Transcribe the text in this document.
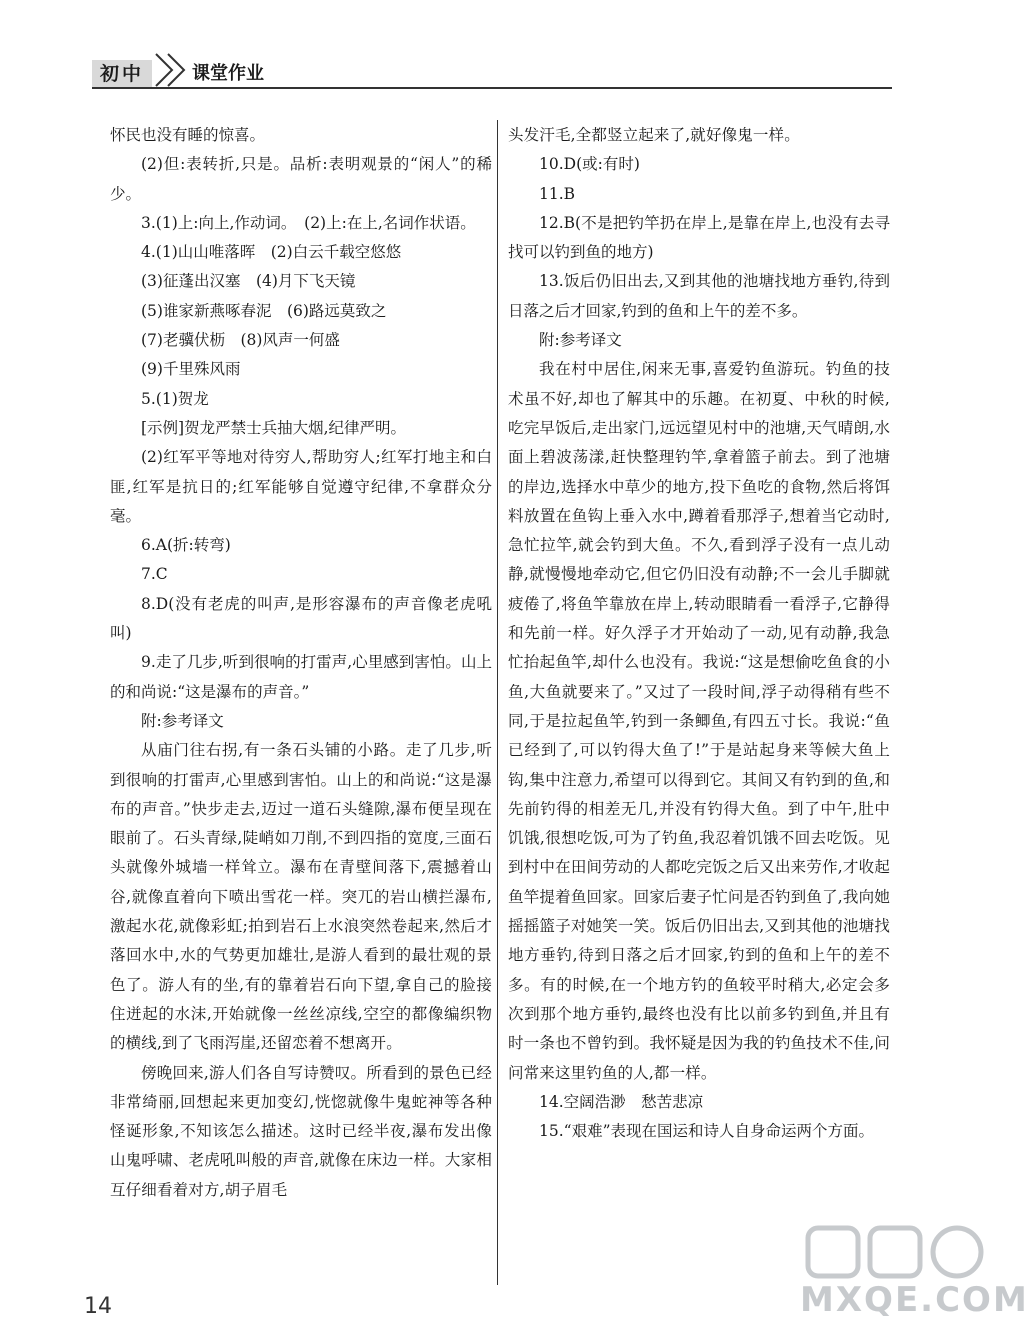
初中	课堂作业

怀民也没有睡的惊喜。

(2)但:表转折,只是。品析:表明观景的“闲人”的稀少。

3.(1)上:向上,作动词。　(2)上:在上,名词作状语。

4.(1)山山唯落晖　(2)白云千载空悠悠

(3)征蓬出汉塞　(4)月下飞天镜

(5)谁家新燕啄春泥　(6)路远莫致之

(7)老骥伏枥　(8)风声一何盛

(9)千里殊风雨

5.(1)贺龙

[示例]贺龙严禁士兵抽大烟,纪律严明。

(2)红军平等地对待穷人,帮助穷人;红军打地主和白匪,红军是抗日的;红军能够自觉遵守纪律,不拿群众分毫。

6.A(折:转弯)

7.C

8.D(没有老虎的叫声,是形容瀑布的声音像老虎吼叫)

9.走了几步,听到很响的打雷声,心里感到害怕。山上的和尚说:“这是瀑布的声音。”

附:参考译文

从庙门往右拐,有一条石头铺的小路。走了几步,听到很响的打雷声,心里感到害怕。山上的和尚说:“这是瀑布的声音。”快步走去,迈过一道石头缝隙,瀑布便呈现在眼前了。石头青绿,陡峭如刀削,不到四指的宽度,三面石头就像外城墙一样耸立。瀑布在青壁间落下,震撼着山谷,就像直着向下喷出雪花一样。突兀的岩山横拦瀑布,激起水花,就像彩虹;拍到岩石上水浪突然卷起来,然后才落回水中,水的气势更加雄壮,是游人看到的最壮观的景色了。游人有的坐,有的靠着岩石向下望,拿自己的脸接住迸起的水沫,开始就像一丝丝凉线,空空的都像编织物的横线,到了飞雨泻崖,还留恋着不想离开。

傍晚回来,游人们各自写诗赞叹。所看到的景色已经非常绮丽,回想起来更加变幻,恍惚就像牛鬼蛇神等各种怪诞形象,不知该怎么描述。这时已经半夜,瀑布发出像山鬼呼啸、老虎吼叫般的声音,就像在床边一样。大家相互仔细看着对方,胡子眉毛

头发汗毛,全都竖立起来了,就好像鬼一样。

10.D(或:有时)

11.B

12.B(不是把钓竿扔在岸上,是靠在岸上,也没有去寻找可以钓到鱼的地方)

13.饭后仍旧出去,又到其他的池塘找地方垂钓,待到日落之后才回家,钓到的鱼和上午的差不多。

附:参考译文

我在村中居住,闲来无事,喜爱钓鱼游玩。钓鱼的技术虽不好,却也了解其中的乐趣。在初夏、中秋的时候,吃完早饭后,走出家门,远远望见村中的池塘,天气晴朗,水面上碧波荡漾,赶快整理钓竿,拿着篮子前去。到了池塘的岸边,选择水中草少的地方,投下鱼吃的食物,然后将饵料放置在鱼钩上垂入水中,蹲着看那浮子,想着当它动时,急忙拉竿,就会钓到大鱼。不久,看到浮子没有一点儿动静,就慢慢地牵动它,但它仍旧没有动静;不一会儿手脚就疲倦了,将鱼竿靠放在岸上,转动眼睛看一看浮子,它静得和先前一样。好久浮子才开始动了一动,见有动静,我急忙抬起鱼竿,却什么也没有。我说:“这是想偷吃鱼食的小鱼,大鱼就要来了。”又过了一段时间,浮子动得稍有些不同,于是拉起鱼竿,钓到一条鲫鱼,有四五寸长。我说:“鱼已经到了,可以钓得大鱼了!”于是站起身来等候大鱼上钩,集中注意力,希望可以得到它。其间又有钓到的鱼,和先前钓得的相差无几,并没有钓得大鱼。到了中午,肚中饥饿,很想吃饭,可为了钓鱼,我忍着饥饿不回去吃饭。见到村中在田间劳动的人都吃完饭之后又出来劳作,才收起鱼竿提着鱼回家。回家后妻子忙问是否钓到鱼了,我向她摇摇篮子对她笑一笑。饭后仍旧出去,又到其他的池塘找地方垂钓,待到日落之后才回家,钓到的鱼和上午的差不多。有的时候,在一个地方钓的鱼较平时稍大,必定会多次到那个地方垂钓,最终也没有比以前多钓到鱼,并且有时一条也不曾钓到。我怀疑是因为我的钓鱼技术不佳,问问常来这里钓鱼的人,都一样。

14.空阔浩渺　愁苦悲凉

15.“艰难”表现在国运和诗人自身命运两个方面。

14	MXQE.COM
